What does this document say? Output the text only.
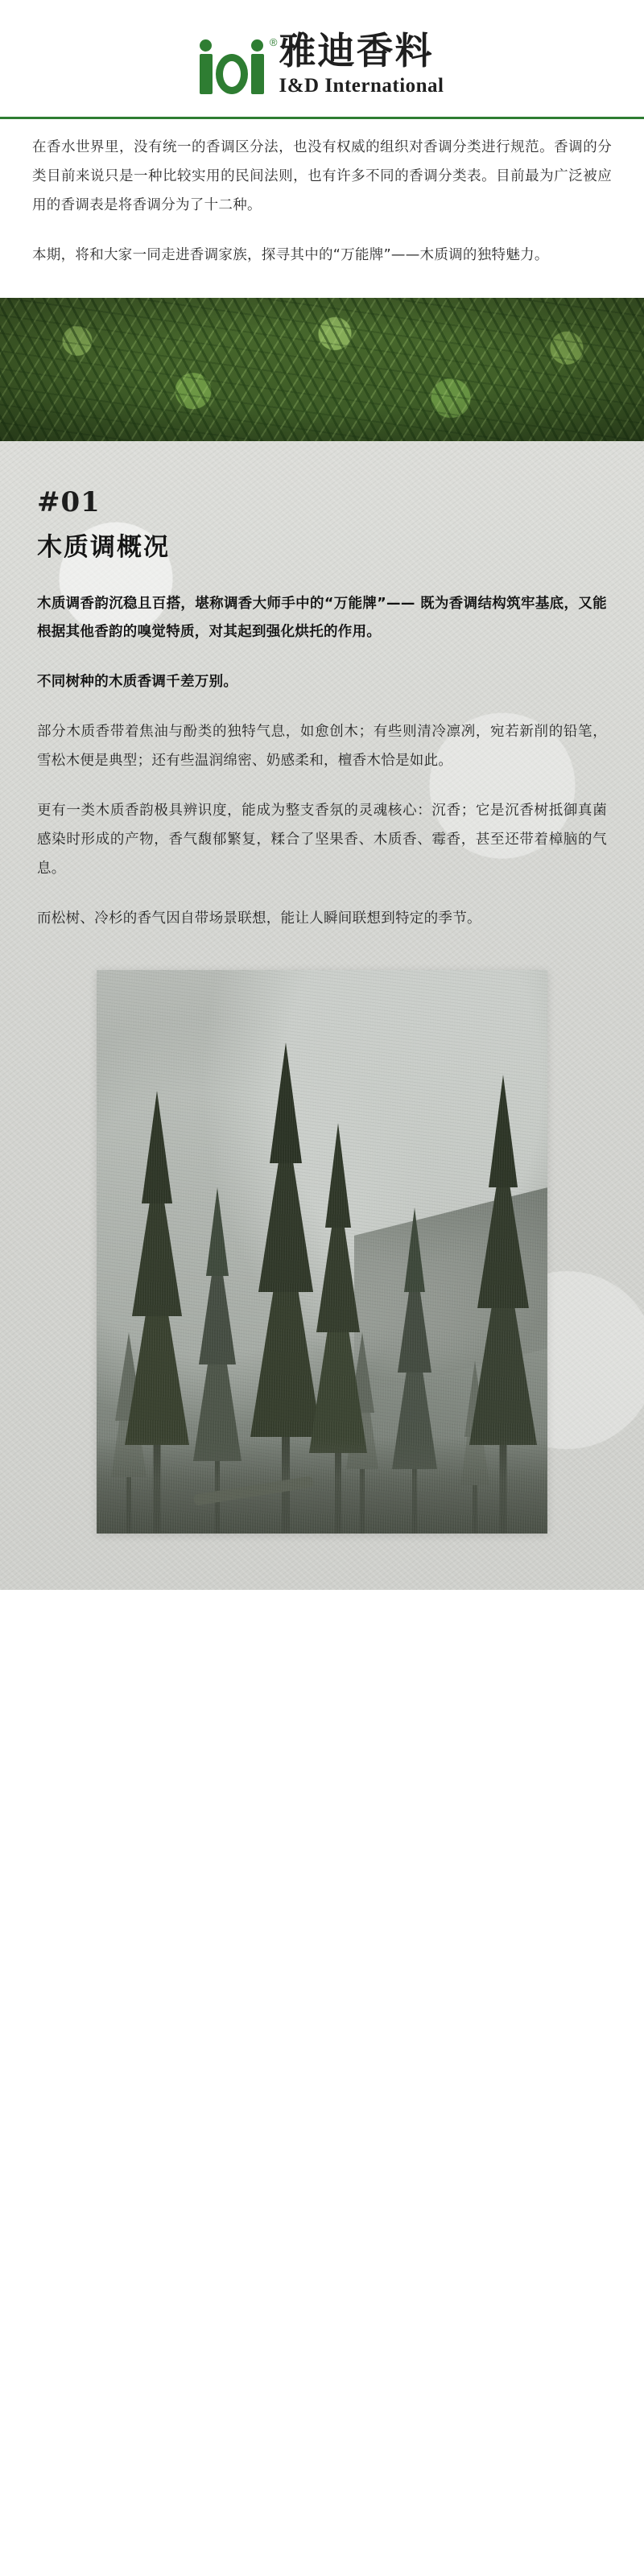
® 雅迪香料
I&D International

在香水世界里，没有统一的香调区分法，也没有权威的组织对香调分类进行规范。香调的分类目前来说只是一种比较实用的民间法则，也有许多不同的香调分类表。目前最为广泛被应用的香调表是将香调分为了十二种。

本期，将和大家一同走进香调家族，探寻其中的“万能牌”——木质调的独特魅力。

#01
木质调概况

木质调香韵沉稳且百搭，堪称调香大师手中的“万能牌”—— 既为香调结构筑牢基底，又能根据其他香韵的嗅觉特质，对其起到强化烘托的作用。

不同树种的木质香调千差万别。

部分木质香带着焦油与酚类的独特气息，如愈创木；有些则清冷凛冽，宛若新削的铅笔，雪松木便是典型；还有些温润绵密、奶感柔和，檀香木恰是如此。

更有一类木质香韵极具辨识度，能成为整支香氛的灵魂核心：沉香；它是沉香树抵御真菌感染时形成的产物，香气馥郁繁复，糅合了坚果香、木质香、霉香，甚至还带着樟脑的气息。

而松树、冷杉的香气因自带场景联想，能让人瞬间联想到特定的季节。
